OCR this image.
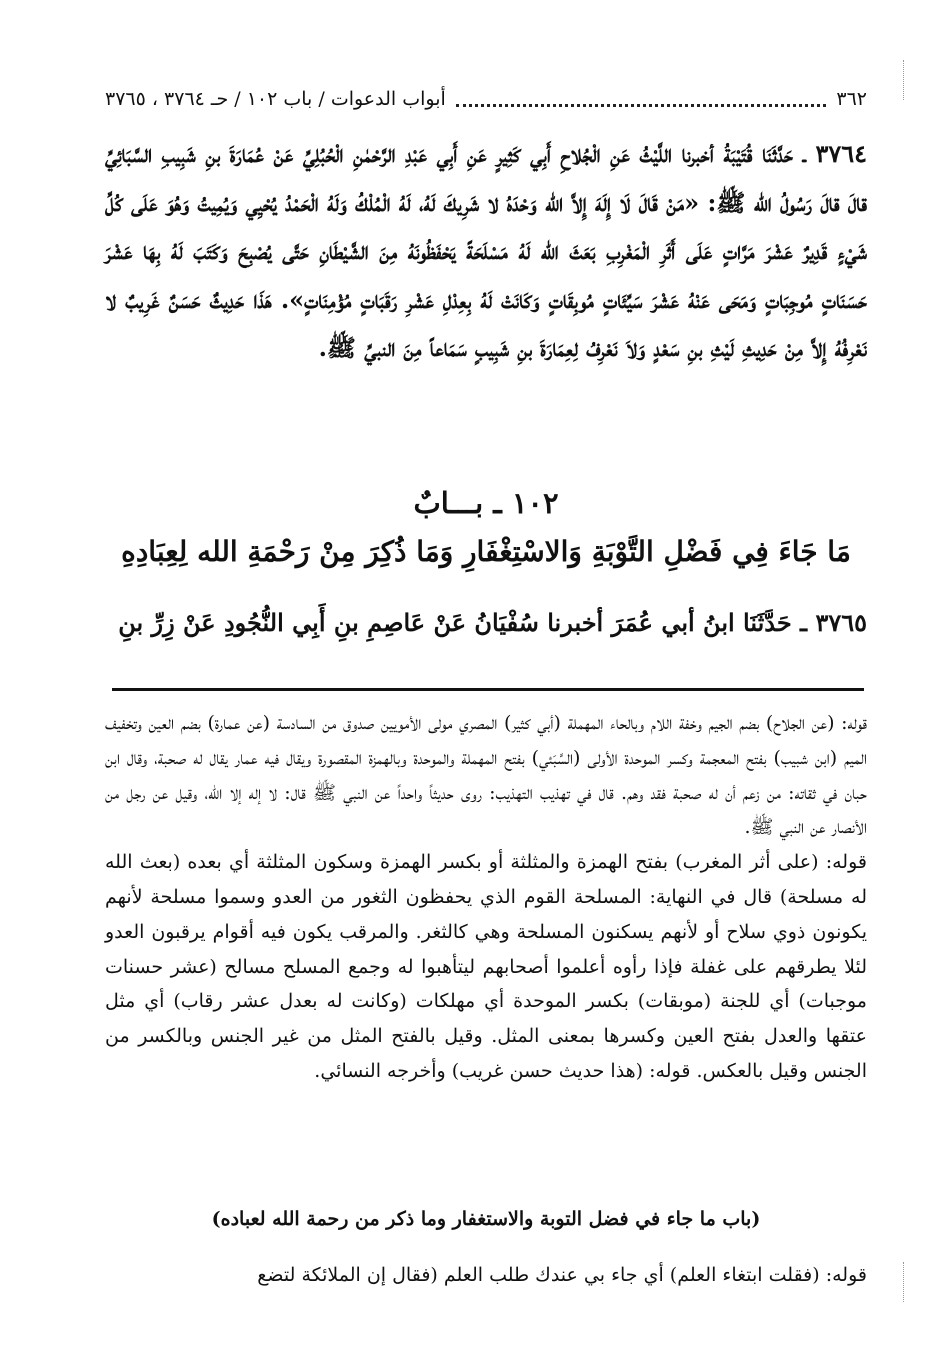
٣٦٢
أبواب الدعوات / باب ١٠٢ / حـ ٣٧٦٤ ، ٣٧٦٥
٣٧٦٤ ـ حَدَّثَنَا قُتَيْبَةُ أخبرنا اللَّيْثُ عَنِ الْجُلاحِ أَبِي كَثِيرٍ عَنِ أَبِي عَبْدِ الرَّحْمٰنِ الْحُبُلِيِّ عَنْ عُمَارَةَ بنِ شَبِيبِ السَّبَائِيِّ قالَ قالَ رَسُولُ الله ﷺ: «مَنْ قَالَ لَا إِلَهَ إِلاَّ الله وَحْدَهُ لا شَرِيكَ لَهُ، لَهُ الْمُلْكُ وَلَهُ الْحَمْدُ يُحْيِي وَيُمِيتُ وَهُوَ عَلَى كُلِّ شَيْءٍ قَدِيرٌ عَشْرَ مَرَّاتٍ عَلَى أَثَرِ الْمَغْرِبِ بَعَثَ الله لَهُ مَسْلَحَةً يَحْفَظُونَهُ مِنَ الشَّيْطَانِ حَتَّى يُصْبِحَ وَكَتَبَ لَهُ بِهَا عَشْرَ حَسَنَاتٍ مُوجِبَاتٍ وَمَحَى عَنْهُ عَشْرَ سَيِّئَاتٍ مُوبِقَاتٍ وَكَانَتْ لَهُ بِعِدْلِ عَشْرِ رَقَبَاتٍ مُؤْمِنَاتٍ». هَذَا حَدِيثٌ حَسَنٌ غَرِيبٌ لا نَعْرِفُهُ إِلاَّ مِنْ حَدِيثِ لَيْثِ بنِ سَعْدٍ وَلاَ نَعْرِفُ لِعِمَارَةَ بنِ شَبِيبٍ سَمَاعاً مِنَ النبيِّ ﷺ.
١٠٢ ـ بـــابٌ
مَا جَاءَ فِي فَضْلِ التَّوْبَةِ وَالاسْتِغْفَارِ وَمَا ذُكِرَ مِنْ رَحْمَةِ الله لِعِبَادِهِ
٣٧٦٥ ـ حَدَّثَنَا ابنُ أبي عُمَرَ أخبرنا سُفْيَانُ عَنْ عَاصِمِ بنِ أَبِي النُّجُودِ عَنْ زِرِّ بنِ
قوله: (عن الجلاح) بضم الجيم وخفة اللام وبالحاء المهملة (أبي كثير) المصري مولى الأمويين صدوق من السادسة (عن عمارة) بضم العين وتخفيف الميم (ابن شبيب) بفتح المعجمة وكسر الموحدة الأولى (السَّبَئي) بفتح المهملة والموحدة وبالهمزة المقصورة ويقال فيه عمار يقال له صحبة، وقال ابن حبان في ثقاته: من زعم أن له صحبة فقد وهم. قال في تهذيب التهذيب: روى حديثاً واحداً عن النبي ﷺ قال: لا إله إلا الله، وقيل عن رجل من الأنصار عن النبي ﷺ.
قوله: (على أثر المغرب) بفتح الهمزة والمثلثة أو بكسر الهمزة وسكون المثلثة أي بعده (بعث الله له مسلحة) قال في النهاية: المسلحة القوم الذي يحفظون الثغور من العدو وسموا مسلحة لأنهم يكونون ذوي سلاح أو لأنهم يسكنون المسلحة وهي كالثغر. والمرقب يكون فيه أقوام يرقبون العدو لئلا يطرقهم على غفلة فإذا رأوه أعلموا أصحابهم ليتأهبوا له وجمع المسلح مسالح (عشر حسنات موجبات) أي للجنة (موبقات) بكسر الموحدة أي مهلكات (وكانت له بعدل عشر رقاب) أي مثل عتقها والعدل بفتح العين وكسرها بمعنى المثل. وقيل بالفتح المثل من غير الجنس وبالكسر من الجنس وقيل بالعكس. قوله: (هذا حديث حسن غريب) وأخرجه النسائي.
(باب ما جاء في فضل التوبة والاستغفار وما ذكر من رحمة الله لعباده)
قوله: (فقلت ابتغاء العلم) أي جاء بي عندك طلب العلم (فقال إن الملائكة لتضع
